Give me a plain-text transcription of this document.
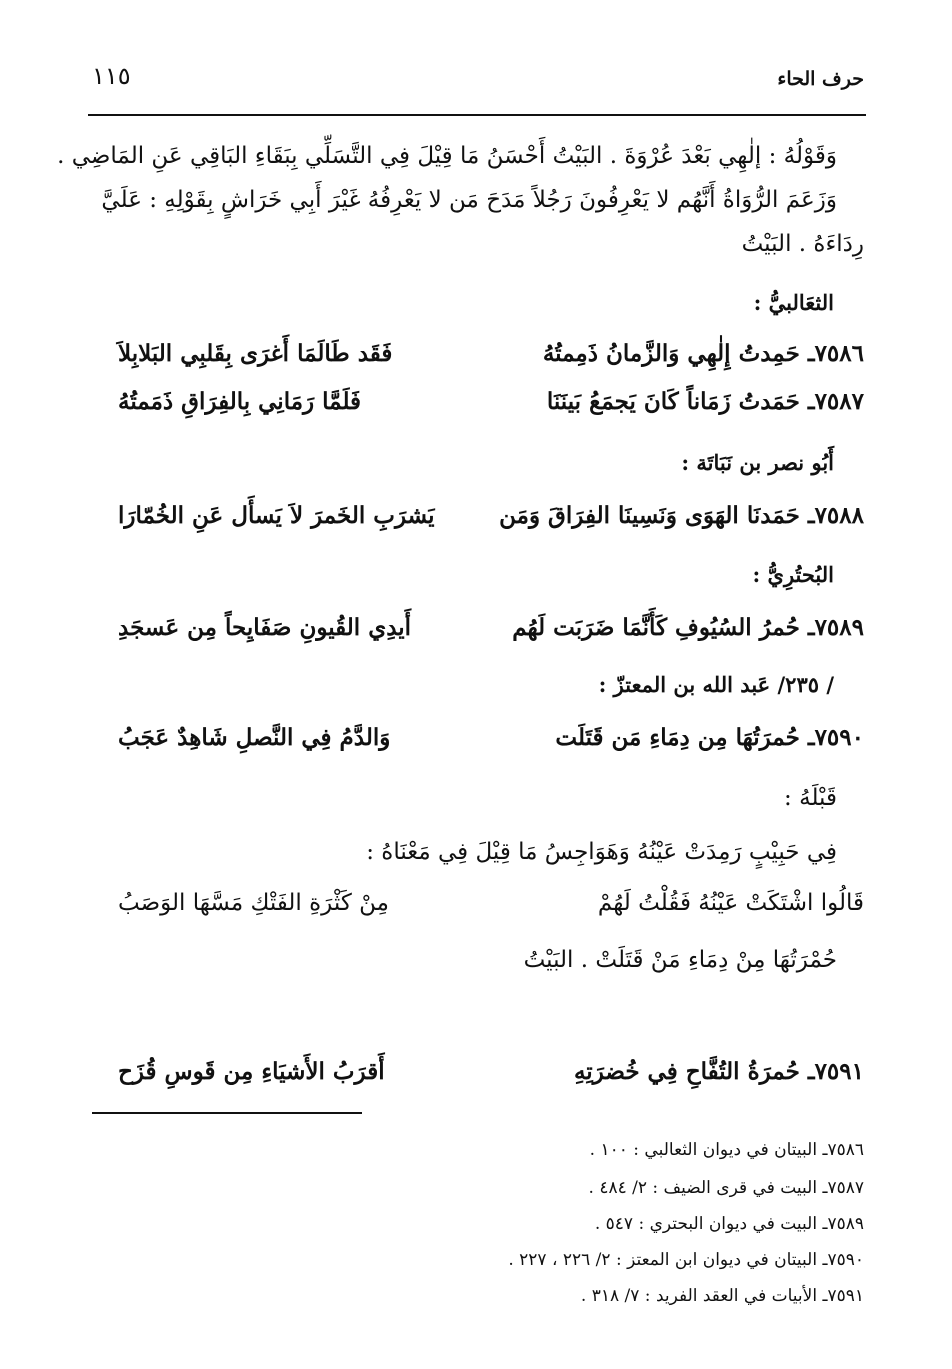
حرف الحاء
١١٥
وَقَوْلُهُ : إلٰهِي بَعْدَ عُرْوَةَ . البَيْتُ أَحْسَنُ مَا قِيْلَ فِي التَّسَلِّي بِبَقَاءِ البَاقِي عَنِ المَاضِي .
وَزَعَمَ الرُّوَاةُ أَنَّهُم لا يَعْرِفُونَ رَجُلاً مَدَحَ مَن لا يَعْرِفُهُ غَيْرَ أَبِي خَرَاشٍ بِقَوْلِهِ : عَلَيَّ
رِدَاءَهُ . البَيْتُ
الثعَالبيُّ :
٧٥٨٦ـ حَمِدتُ إِلٰهِي وَالزَّمانُ ذَمِمتُهُ
فَقَد طَالَمَا أَغرَى بِقَلبِي البَلابِلاَ
٧٥٨٧ـ حَمَدتُ زَمَاناً كَانَ يَجمَعُ بَينَنَا
فَلَمَّا رَمَانِي بِالفِرَاقِ ذَمَمتُهُ
أَبُو نصر بن نَبَاتَة :
٧٥٨٨ـ حَمَدنَا الهَوَى وَنَسِينَا الفِرَاقَ وَمَن
يَشرَبِ الخَمرَ لاَ يَسأَل عَنِ الخُمّارَا
البُحتُرِيُّ :
٧٥٨٩ـ حُمرُ السُيُوفِ كَأَنَّمَا ضَرَبَت لَهُم
أَيدِي القُيونِ صَفَايِحاً مِن عَسجَدِ
/ ٢٣٥/ عَبد الله بن المعتزّ :
٧٥٩٠ـ حُمرَتُهَا مِن دِمَاءِ مَن قَتَلَت
وَالدَّمُ فِي النَّصلِ شَاهِدٌ عَجَبُ
قَبْلَهُ :
فِي حَبِيْبٍ رَمِدَتْ عَيْنُهُ وَهَوَاجِسُ مَا قِيْلَ فِي مَعْنَاهُ :
قَالُوا اشْتَكَتْ عَيْنُهُ فَقُلْتُ لَهُمْ
مِنْ كَثْرَةِ الفَتْكِ مَسَّهَا الوَصَبُ
حُمْرَتُهَا مِنْ دِمَاءِ مَنْ قَتَلَتْ . البَيْتُ
٧٥٩١ـ حُمرَةُ التُفَّاحِ فِي خُضرَتِهِ
أَقرَبُ الأَشيَاءِ مِن قَوسِ قُزَح
٧٥٨٦ـ البيتان في ديوان الثعالبي : ١٠٠ .
٧٥٨٧ـ البيت في قرى الضيف : ٢/ ٤٨٤ .
٧٥٨٩ـ البيت في ديوان البحتري : ٥٤٧ .
٧٥٩٠ـ البيتان في ديوان ابن المعتز : ٢/ ٢٢٦ ، ٢٢٧ .
٧٥٩١ـ الأبيات في العقد الفريد : ٧/ ٣١٨ .
